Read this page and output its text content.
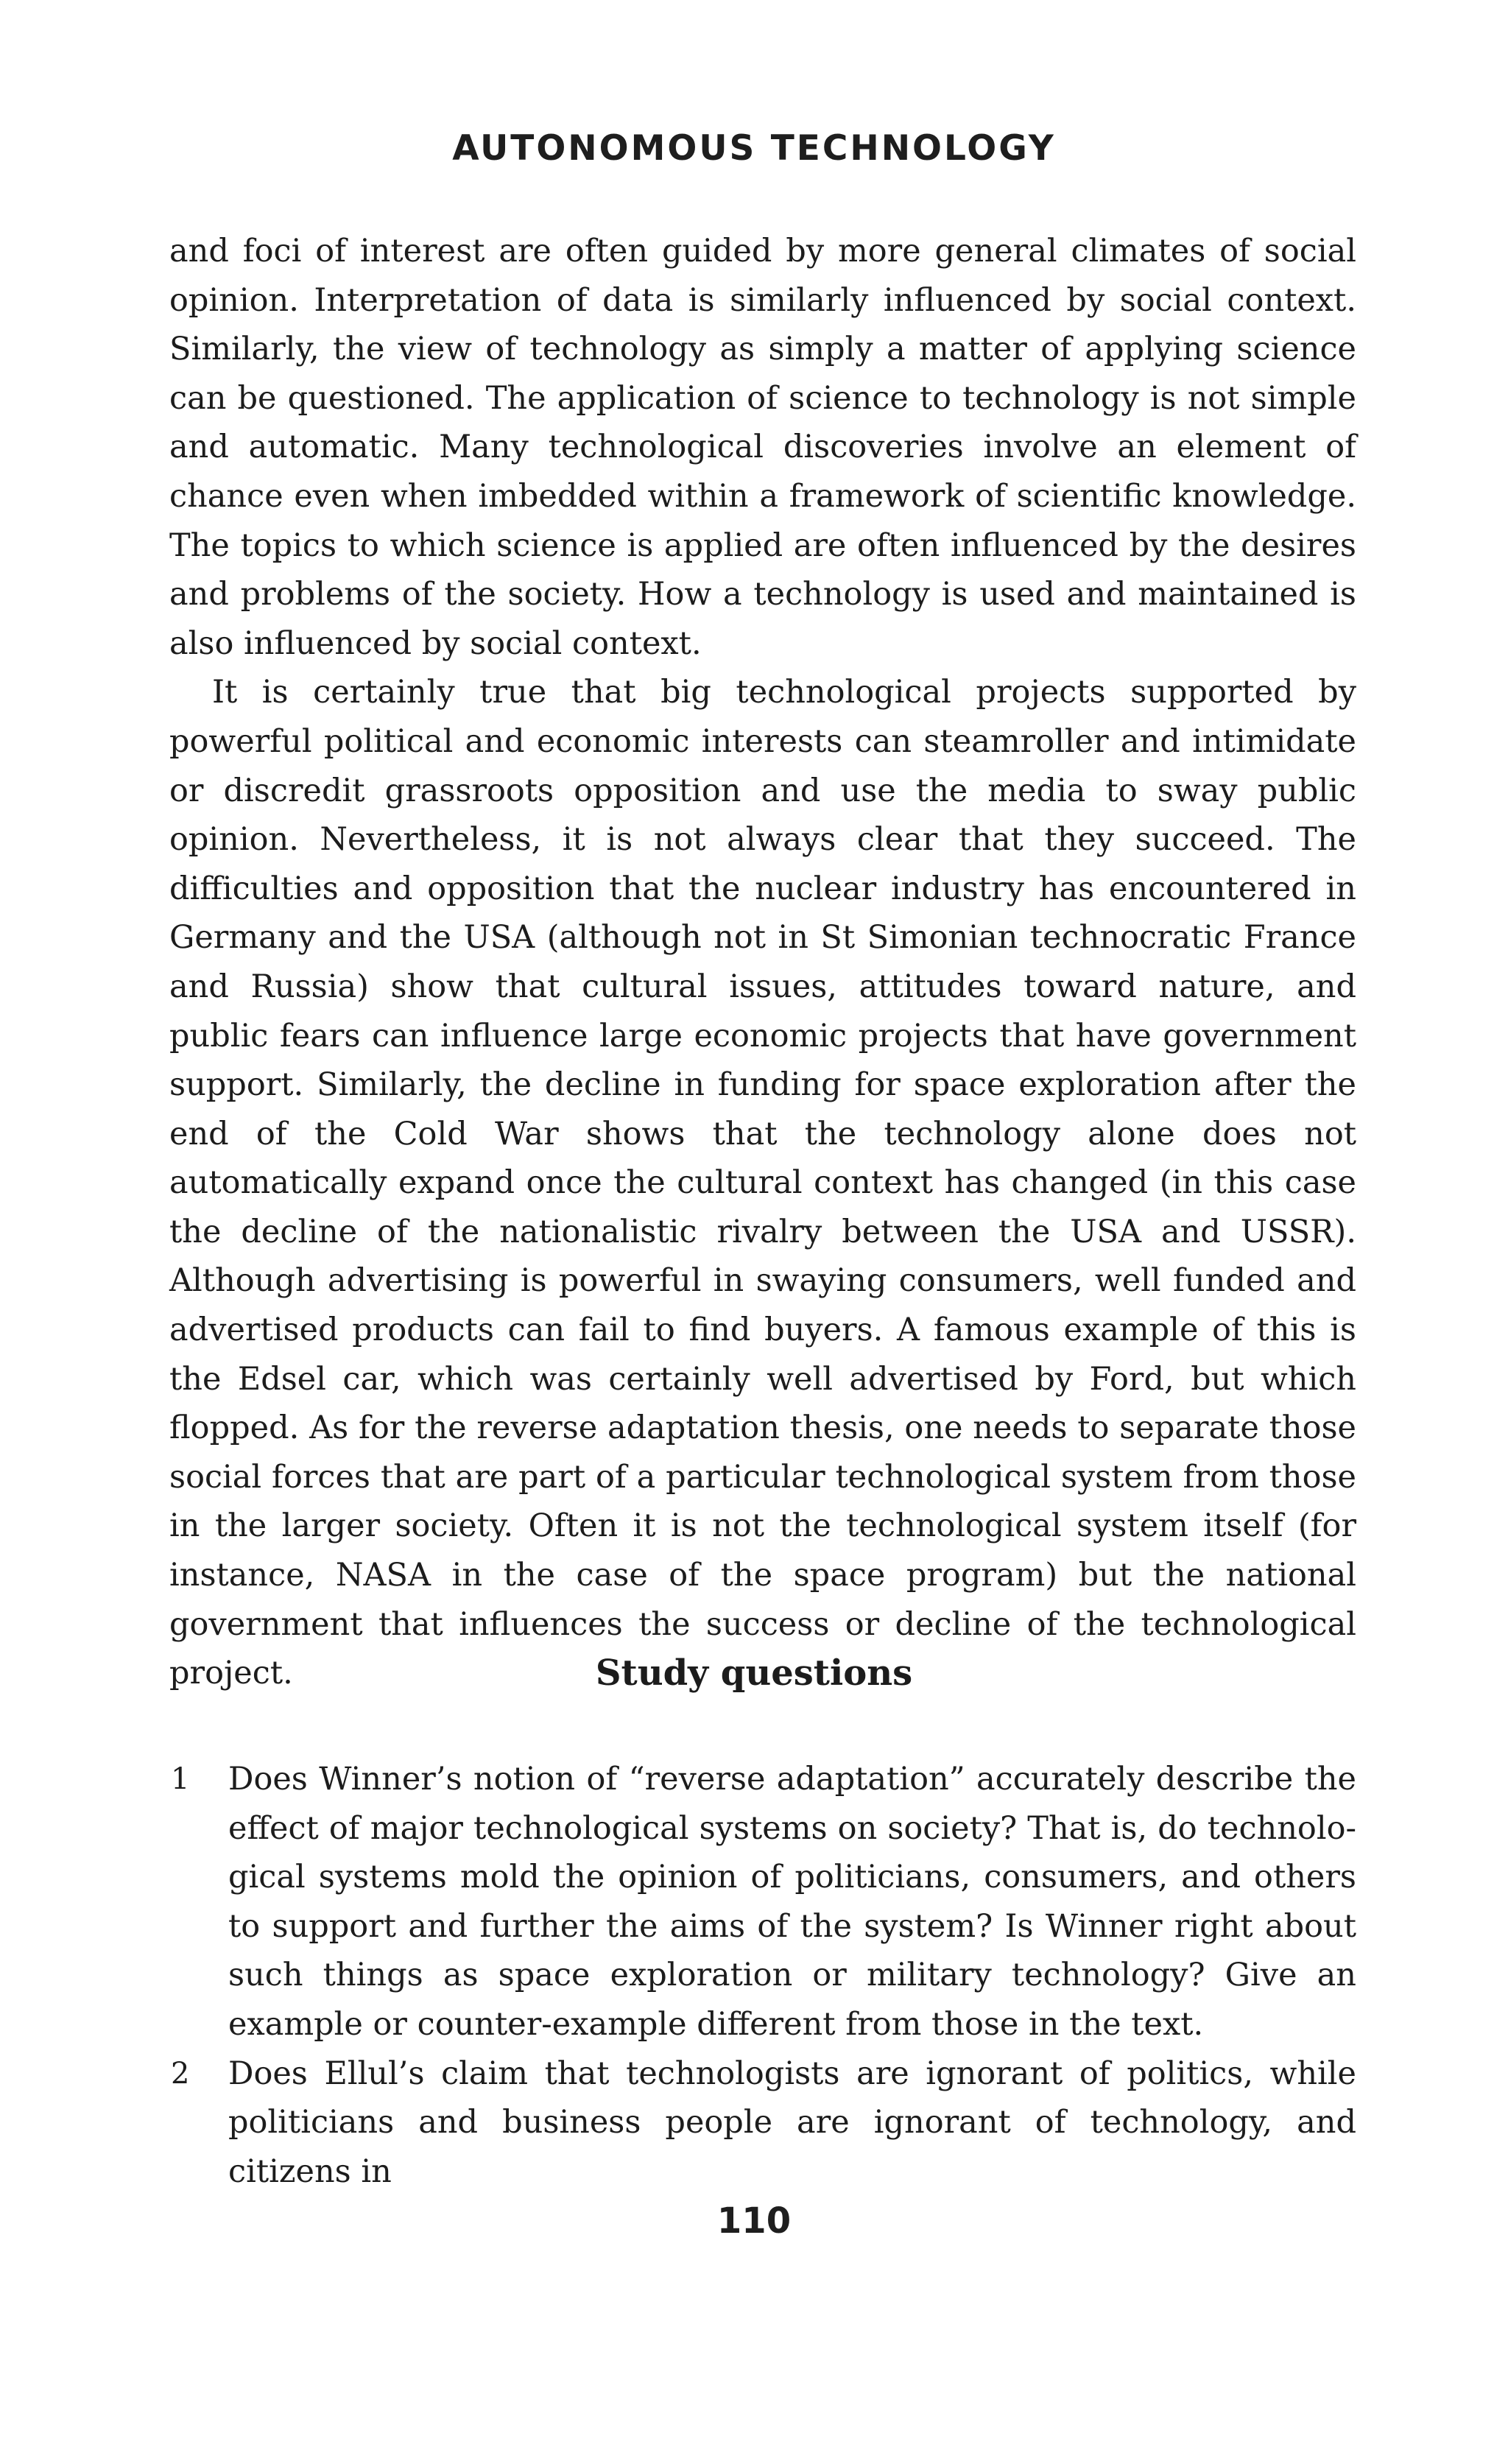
AUTONOMOUS TECHNOLOGY

and foci of interest are often guided by more general climates of social opinion. Interpretation of data is similarly influenced by social context. Similarly, the view of technology as simply a matter of applying science can be questioned. The application of science to technology is not simple and automatic. Many technological discoveries involve an element of chance even when imbedded within a framework of scientific knowledge. The topics to which science is applied are often influenced by the desires and problems of the society. How a technology is used and maintained is also influenced by social context.

It is certainly true that big technological projects supported by powerful political and economic interests can steamroller and intimidate or discredit grassroots opposition and use the media to sway public opinion. Nevertheless, it is not always clear that they succeed. The difficulties and opposition that the nuclear industry has encountered in Germany and the USA (although not in St Simonian technocratic France and Russia) show that cultural issues, attitudes toward nature, and public fears can influence large economic projects that have government support. Similarly, the decline in funding for space exploration after the end of the Cold War shows that the technology alone does not automatically expand once the cultural context has changed (in this case the decline of the nationalistic rivalry between the USA and USSR). Although advertising is powerful in swaying consumers, well funded and advertised products can fail to find buyers. A famous example of this is the Edsel car, which was certainly well advertised by Ford, but which flopped. As for the reverse adaptation thesis, one needs to separate those social forces that are part of a particular technological system from those in the larger society. Often it is not the technological system itself (for instance, NASA in the case of the space program) but the national government that influences the success or decline of the technological project.	Study questions
1 Does Winner’s notion of “reverse adaptation” accurately describe the effect of major technological systems on society? That is, do technological systems mold the opinion of politicians, consumers, and others to support and further the aims of the system? Is Winner right about such things as space exploration or military technology? Give an example or counter-example different from those in the text.
2 Does Ellul’s claim that technologists are ignorant of politics, while politicians and business people are ignorant of technology, and citizens in
110
